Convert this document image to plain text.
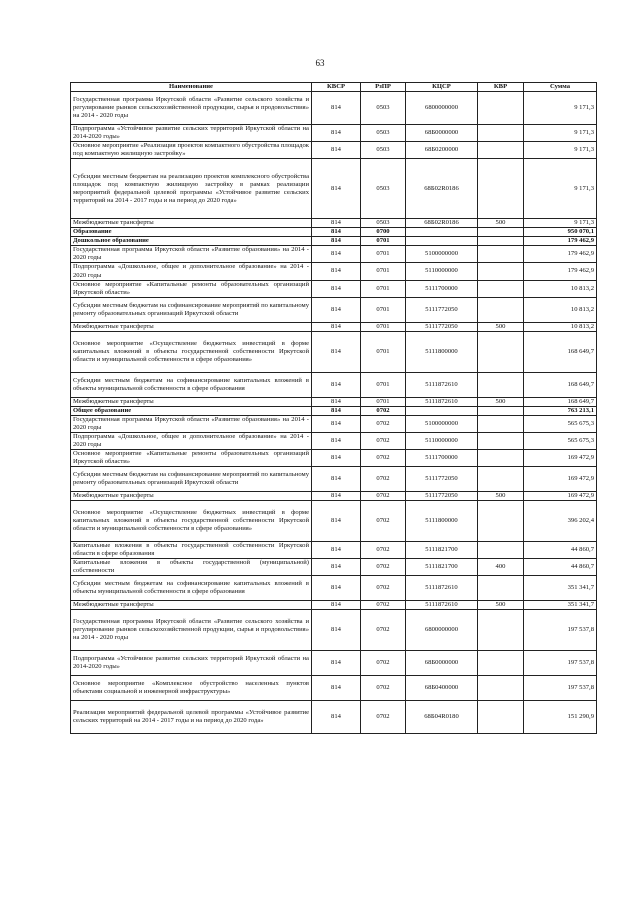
63
Наименование	КВСР	РзПР	КЦСР	КВР	Сумма
Государственная программа Иркутской области «Развитие сельского хозяйства и регулирование рынков сельскохозяйственной продукции, сырья и продовольствия» на 2014 - 2020 годы	814	0503	6800000000		9 171,3
Подпрограмма «Устойчивое развитие сельских территорий Иркутской области на 2014-2020 годы»	814	0503	68Б0000000		9 171,3
Основное мероприятие «Реализация проектов компактного обустройства площадок под компактную жилищную застройку»	814	0503	68Б0200000		9 171,3
Субсидии местным бюджетам на реализацию проектов комплексного обустройства площадок под компактную жилищную застройку в рамках реализации мероприятий федеральной целевой программы «Устойчивое развитие сельских территорий на 2014 - 2017 годы и на период до 2020 года»	814	0503	68Б02R0186		9 171,3
Межбюджетные трансферты	814	0503	68Б02R0186	500	9 171,3
Образование	814	0700			950 070,1
Дошкольное образование	814	0701			179 462,9
Государственная программа Иркутской области «Развитие образования» на 2014 - 2020 годы	814	0701	5100000000		179 462,9
Подпрограмма «Дошкольное, общее и дополнительное образование» на 2014 - 2020 годы	814	0701	5110000000		179 462,9
Основное мероприятие «Капитальные ремонты образовательных организаций Иркутской области»	814	0701	5111700000		10 813,2
Субсидии местным бюджетам на софинансирование мероприятий по капитальному ремонту образовательных организаций Иркутской области	814	0701	5111772050		10 813,2
Межбюджетные трансферты	814	0701	5111772050	500	10 813,2
Основное мероприятие «Осуществление бюджетных инвестиций в форме капитальных вложений в объекты государственной собственности Иркутской области и муниципальной собственности в сфере образования»	814	0701	5111800000		168 649,7
Субсидии местным бюджетам на софинансирование капитальных вложений в объекты муниципальной собственности в сфере образования	814	0701	5111872610		168 649,7
Межбюджетные трансферты	814	0701	5111872610	500	168 649,7
Общее образование	814	0702			763 213,1
Государственная программа Иркутской области «Развитие образования» на 2014 - 2020 годы	814	0702	5100000000		565 675,3
Подпрограмма «Дошкольное, общее и дополнительное образование» на 2014 - 2020 годы	814	0702	5110000000		565 675,3
Основное мероприятие «Капитальные ремонты образовательных организаций Иркутской области»	814	0702	5111700000		169 472,9
Субсидии местным бюджетам на софинансирование мероприятий по капитальному ремонту образовательных организаций Иркутской области	814	0702	5111772050		169 472,9
Межбюджетные трансферты	814	0702	5111772050	500	169 472,9
Основное мероприятие «Осуществление бюджетных инвестиций в форме капитальных вложений в объекты государственной собственности Иркутской области и муниципальной собственности в сфере образования»	814	0702	5111800000		396 202,4
Капитальные вложения в объекты государственной собственности Иркутской области в сфере образования	814	0702	5111821700		44 860,7
Капитальные вложения в объекты государственной (муниципальной) собственности	814	0702	5111821700	400	44 860,7
Субсидии местным бюджетам на софинансирование капитальных вложений в объекты муниципальной собственности в сфере образования	814	0702	5111872610		351 341,7
Межбюджетные трансферты	814	0702	5111872610	500	351 341,7
Государственная программа Иркутской области «Развитие сельского хозяйства и регулирование рынков сельскохозяйственной продукции, сырья и продовольствия» на 2014 - 2020 годы	814	0702	6800000000		197 537,8
Подпрограмма «Устойчивое развитие сельских территорий Иркутской области на 2014-2020 годы»	814	0702	68Б0000000		197 537,8
Основное мероприятие «Комплексное обустройство населенных пунктов объектами социальной и инженерной инфраструктуры»	814	0702	68Б0400000		197 537,8
Реализация мероприятий федеральной целевой программы «Устойчивое развитие сельских территорий на 2014 - 2017 годы и на период до 2020 года»	814	0702	68Б04R0180		151 290,9
